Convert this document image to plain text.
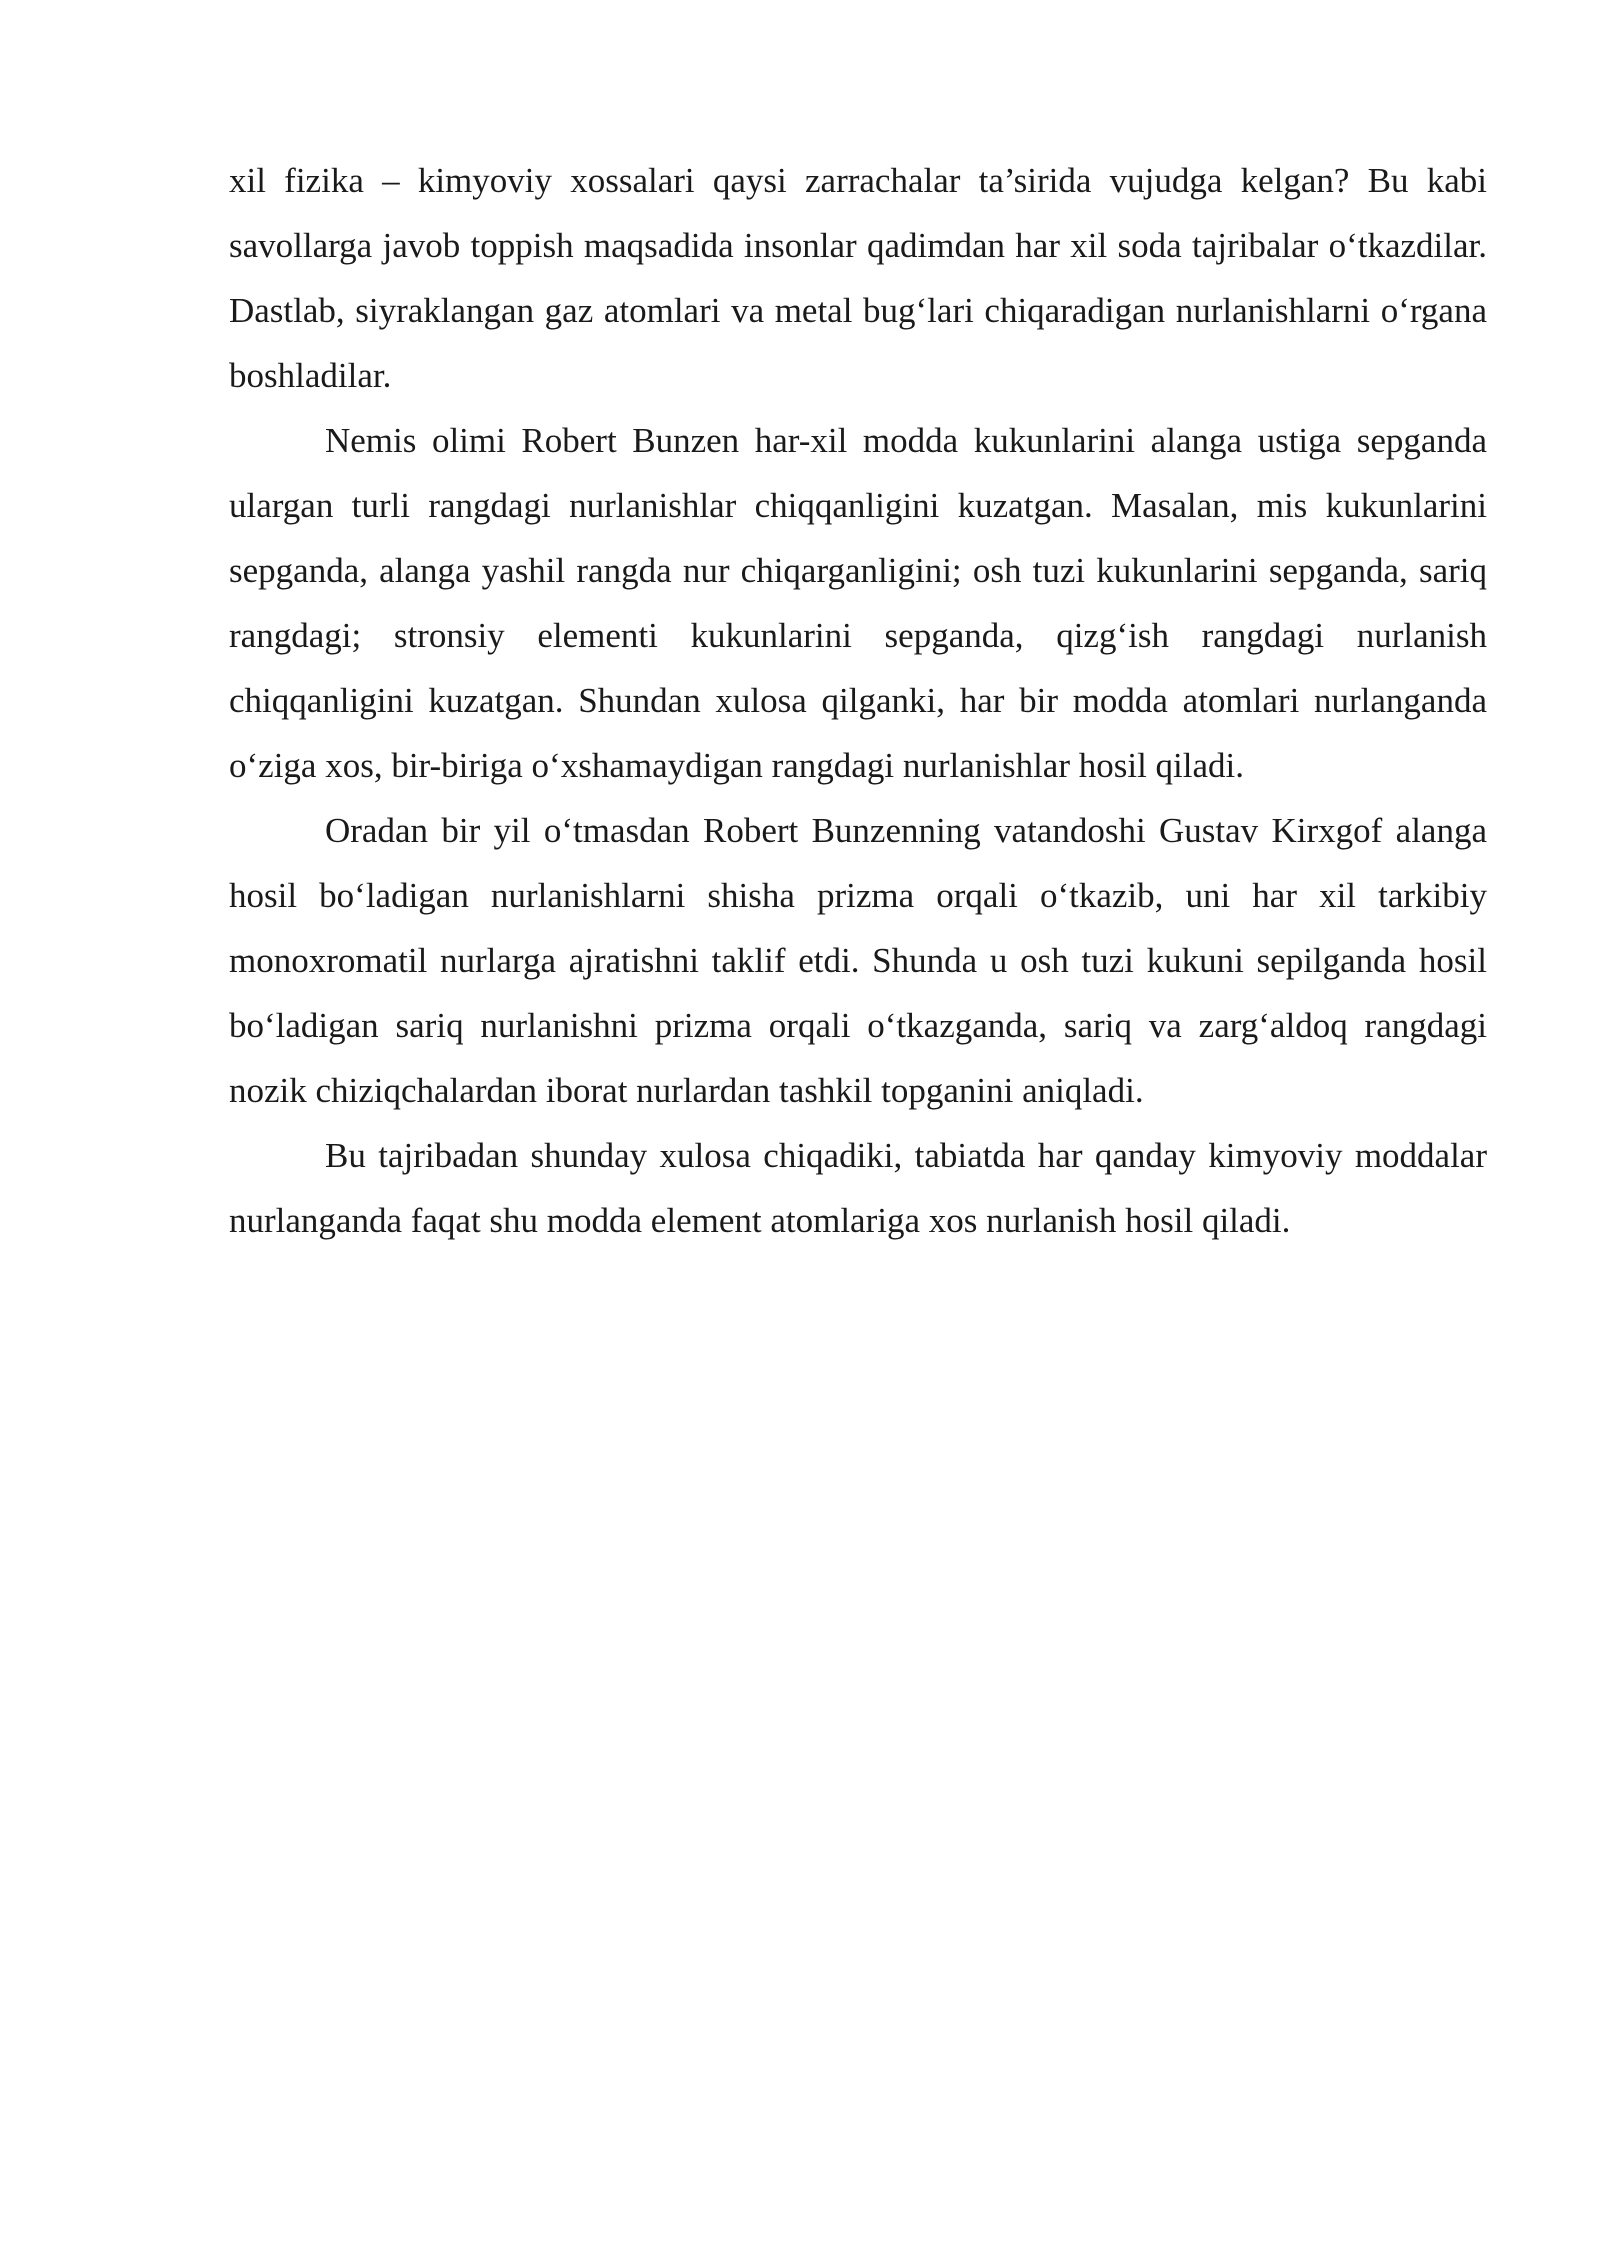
xil fizika – kimyoviy xossalari qaysi zarrachalar ta’sirida vujudga kelgan? Bu kabi savollarga javob toppish maqsadida insonlar qadimdan har xil soda tajribalar o‘tkazdilar. Dastlab, siyraklangan gaz atomlari va metal bug‘lari chiqaradigan nurlanishlarni o‘rgana boshladilar.

Nemis olimi Robert Bunzen har-xil modda kukunlarini alanga ustiga sepganda ulargan turli rangdagi nurlanishlar chiqqanligini kuzatgan. Masalan, mis kukunlarini sepganda, alanga yashil rangda nur chiqarganligini; osh tuzi kukunlarini sepganda, sariq rangdagi; stronsiy elementi kukunlarini sepganda, qizg‘ish rangdagi nurlanish chiqqanligini kuzatgan. Shundan xulosa qilganki, har bir modda atomlari nurlanganda o‘ziga xos, bir-biriga o‘xshamaydigan rangdagi nurlanishlar hosil qiladi.

Oradan bir yil o‘tmasdan Robert Bunzenning vatandoshi Gustav Kirxgof alanga hosil bo‘ladigan nurlanishlarni shisha prizma orqali o‘tkazib, uni har xil tarkibiy monoxromatil nurlarga ajratishni taklif etdi. Shunda u osh tuzi kukuni sepilganda hosil bo‘ladigan sariq nurlanishni prizma orqali o‘tkazganda, sariq va zarg‘aldoq rangdagi nozik chiziqchalardan iborat nurlardan tashkil topganini aniqladi.

Bu tajribadan shunday xulosa chiqadiki, tabiatda har qanday kimyoviy moddalar nurlanganda faqat shu modda element atomlariga xos nurlanish hosil qiladi.
